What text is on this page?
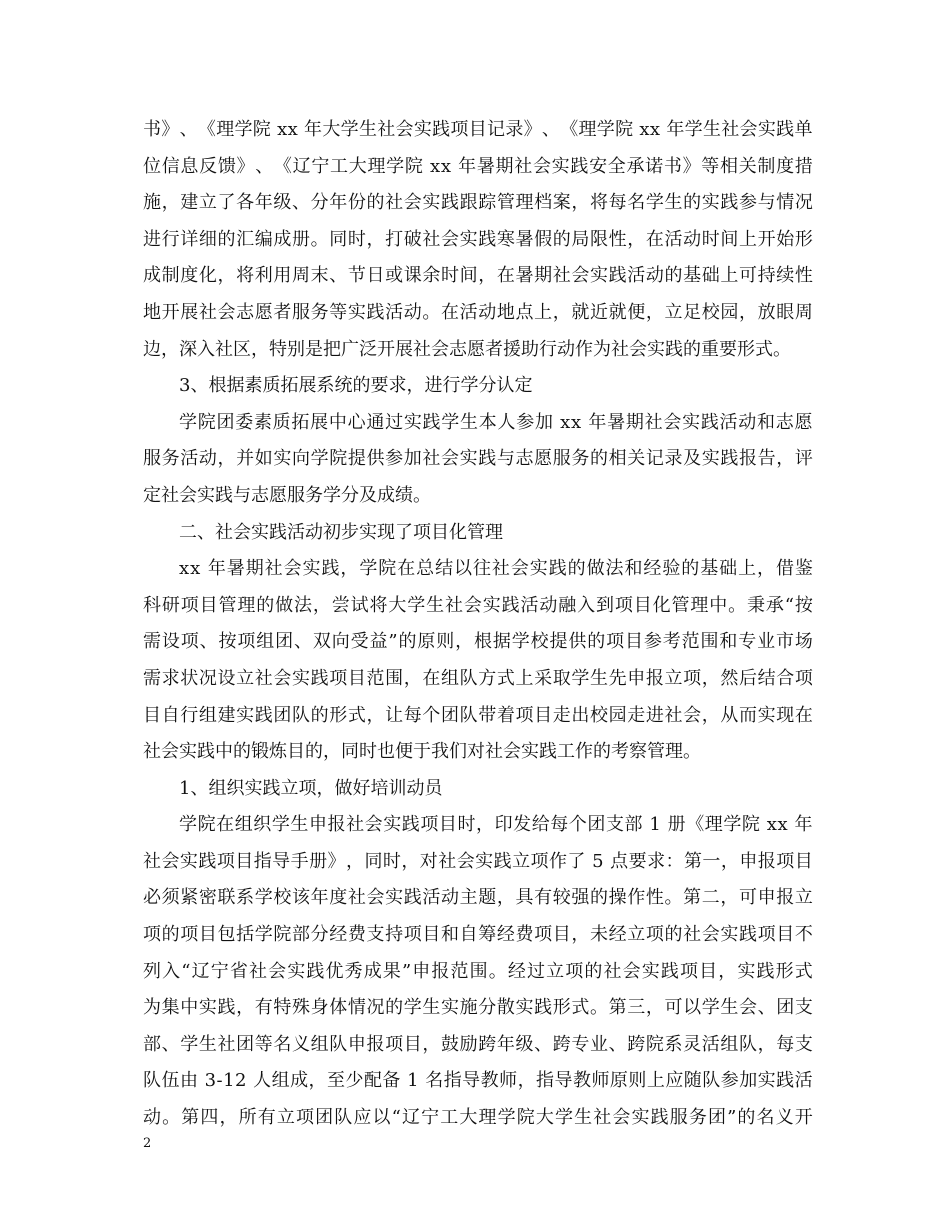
书 》 、 《 理 学 院
x x
年 大 学 生 社 会 实 践 项 目 记 录 》 、 《 理 学 院
x x
年 学 生 社 会 实 践 单
位 信 息 反 馈 》 、 《 辽 宁 工 大 理 学 院
x x
年 暑 期 社 会 实 践 安 全 承 诺 书 》 等 相 关 制 度 措
施 ， 建 立 了 各 年 级 、 分 年 份 的 社 会 实 践 跟 踪 管 理 档 案 ， 将 每 名 学 生 的 实 践 参 与 情 况
进 行 详 细 的 汇 编 成 册 。 同 时 ， 打 破 社 会 实 践 寒 暑 假 的 局 限 性 ， 在 活 动 时 间 上 开 始 形
成 制 度 化 ， 将 利 用 周 末 、 节 日 或 课 余 时 间 ， 在 暑 期 社 会 实 践 活 动 的 基 础 上 可 持 续 性
地 开 展 社 会 志 愿 者 服 务 等 实 践 活 动 。 在 活 动 地 点 上 ， 就 近 就 便 ， 立 足 校 园 ， 放 眼 周
边，深入社区，特别是把广泛开展社会志愿者援助行动作为社会实践的重要形式。
3、根据素质拓展系统的要求，进行学分认定
学 院 团 委 素 质 拓 展 中 心 通 过 实 践 学 生 本 人 参 加
x x
年 暑 期 社 会 实 践 活 动 和 志 愿
服 务 活 动 ， 并 如 实 向 学 院 提 供 参 加 社 会 实 践 与 志 愿 服 务 的 相 关 记 录 及 实 践 报 告 ， 评
定社会实践与志愿服务学分及成绩。
二、社会实践活动初步实现了项目化管理
x x
年 暑 期 社 会 实 践 ， 学 院 在 总 结 以 往 社 会 实 践 的 做 法 和 经 验 的 基 础 上 ， 借 鉴
科 研 项 目 管 理 的 做 法 ， 尝 试 将 大 学 生 社 会 实 践 活 动 融 入 到 项 目 化 管 理 中 。 秉 承 “ 按
需 设 项 、 按 项 组 团 、 双 向 受 益 ” 的 原 则 ， 根 据 学 校 提 供 的 项 目 参 考 范 围 和 专 业 市 场
需 求 状 况 设 立 社 会 实 践 项 目 范 围 ， 在 组 队 方 式 上 采 取 学 生 先 申 报 立 项 ， 然 后 结 合 项
目 自 行 组 建 实 践 团 队 的 形 式 ， 让 每 个 团 队 带 着 项 目 走 出 校 园 走 进 社 会 ， 从 而 实 现 在
社会实践中的锻炼目的，同时也便于我们对社会实践工作的考察管理。
1、组织实践立项，做好培训动员
学 院 在 组 织 学 生 申 报 社 会 实 践 项 目 时 ， 印 发 给 每 个 团 支 部
1
册 《 理 学 院
x x
年
社 会 实 践 项 目 指 导 手 册 》 ， 同 时 ， 对 社 会 实 践 立 项 作 了
5
点 要 求 ： 第 一 ， 申 报 项 目
必 须 紧 密 联 系 学 校 该 年 度 社 会 实 践 活 动 主 题 ， 具 有 较 强 的 操 作 性 。 第 二 ， 可 申 报 立
项 的 项 目 包 括 学 院 部 分 经 费 支 持 项 目 和 自 筹 经 费 项 目 ， 未 经 立 项 的 社 会 实 践 项 目 不
列 入 “ 辽 宁 省 社 会 实 践 优 秀 成 果 ” 申 报 范 围 。 经 过 立 项 的 社 会 实 践 项 目 ， 实 践 形 式
为 集 中 实 践 ， 有 特 殊 身 体 情 况 的 学 生 实 施 分 散 实 践 形 式 。 第 三 ， 可 以 学 生 会 、 团 支
部 、 学 生 社 团 等 名 义 组 队 申 报 项 目 ， 鼓 励 跨 年 级 、 跨 专 业 、 跨 院 系 灵 活 组 队 ， 每 支
队 伍 由
3 - 1 2
人 组 成 ， 至 少 配 备
1
名 指 导 教 师 ， 指 导 教 师 原 则 上 应 随 队 参 加 实 践 活
动 。 第 四 ， 所 有 立 项 团 队 应 以 “ 辽 宁 工 大 理 学 院 大 学 生 社 会 实 践 服 务 团 ” 的 名 义 开
2
